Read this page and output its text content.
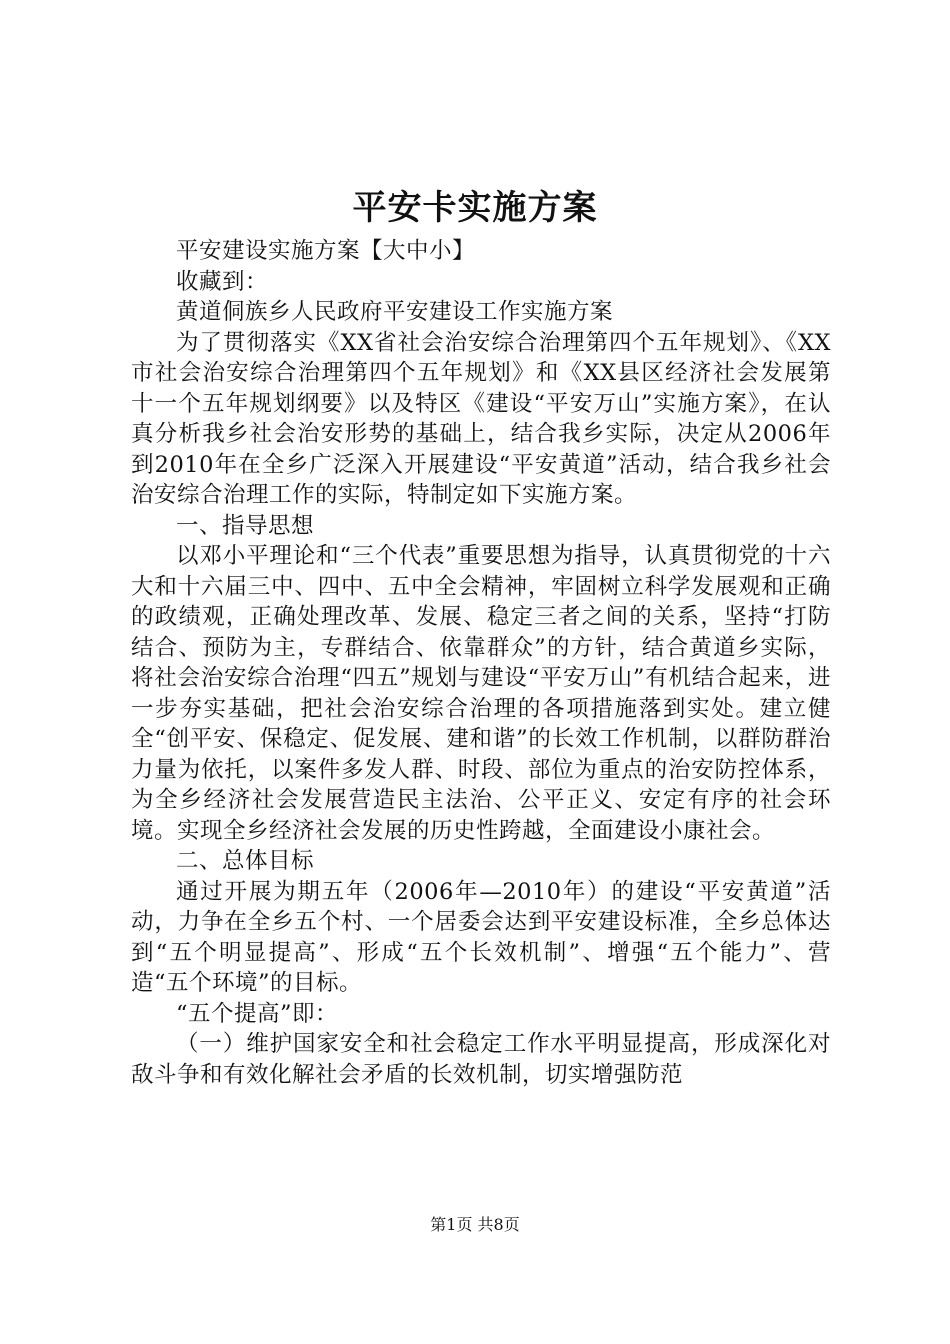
平安卡实施方案

平安建设实施方案【大中小】

收藏到：

黄道侗族乡人民政府平安建设工作实施方案

为了贯彻落实《XX省社会治安综合治理第四个五年规划》、《XX市社会治安综合治理第四个五年规划》和《XX县区经济社会发展第十一个五年规划纲要》以及特区《建设“平安万山”实施方案》，在认真分析我乡社会治安形势的基础上，结合我乡实际，决定从2006年到2010年在全乡广泛深入开展建设“平安黄道”活动，结合我乡社会治安综合治理工作的实际，特制定如下实施方案。

一、指导思想

以邓小平理论和“三个代表”重要思想为指导，认真贯彻党的十六大和十六届三中、四中、五中全会精神，牢固树立科学发展观和正确的政绩观，正确处理改革、发展、稳定三者之间的关系，坚持“打防结合、预防为主，专群结合、依靠群众”的方针，结合黄道乡实际，将社会治安综合治理“四五”规划与建设“平安万山”有机结合起来，进一步夯实基础，把社会治安综合治理的各项措施落到实处。建立健全“创平安、保稳定、促发展、建和谐”的长效工作机制，以群防群治力量为依托，以案件多发人群、时段、部位为重点的治安防控体系，为全乡经济社会发展营造民主法治、公平正义、安定有序的社会环境。实现全乡经济社会发展的历史性跨越，全面建设小康社会。

二、总体目标

通过开展为期五年（2006年—2010年）的建设“平安黄道”活动，力争在全乡五个村、一个居委会达到平安建设标准，全乡总体达到“五个明显提高”、形成“五个长效机制”、增强“五个能力”、营造“五个环境”的目标。

“五个提高”即：

（一）维护国家安全和社会稳定工作水平明显提高，形成深化对敌斗争和有效化解社会矛盾的长效机制，切实增强防范

第1页 共8页
